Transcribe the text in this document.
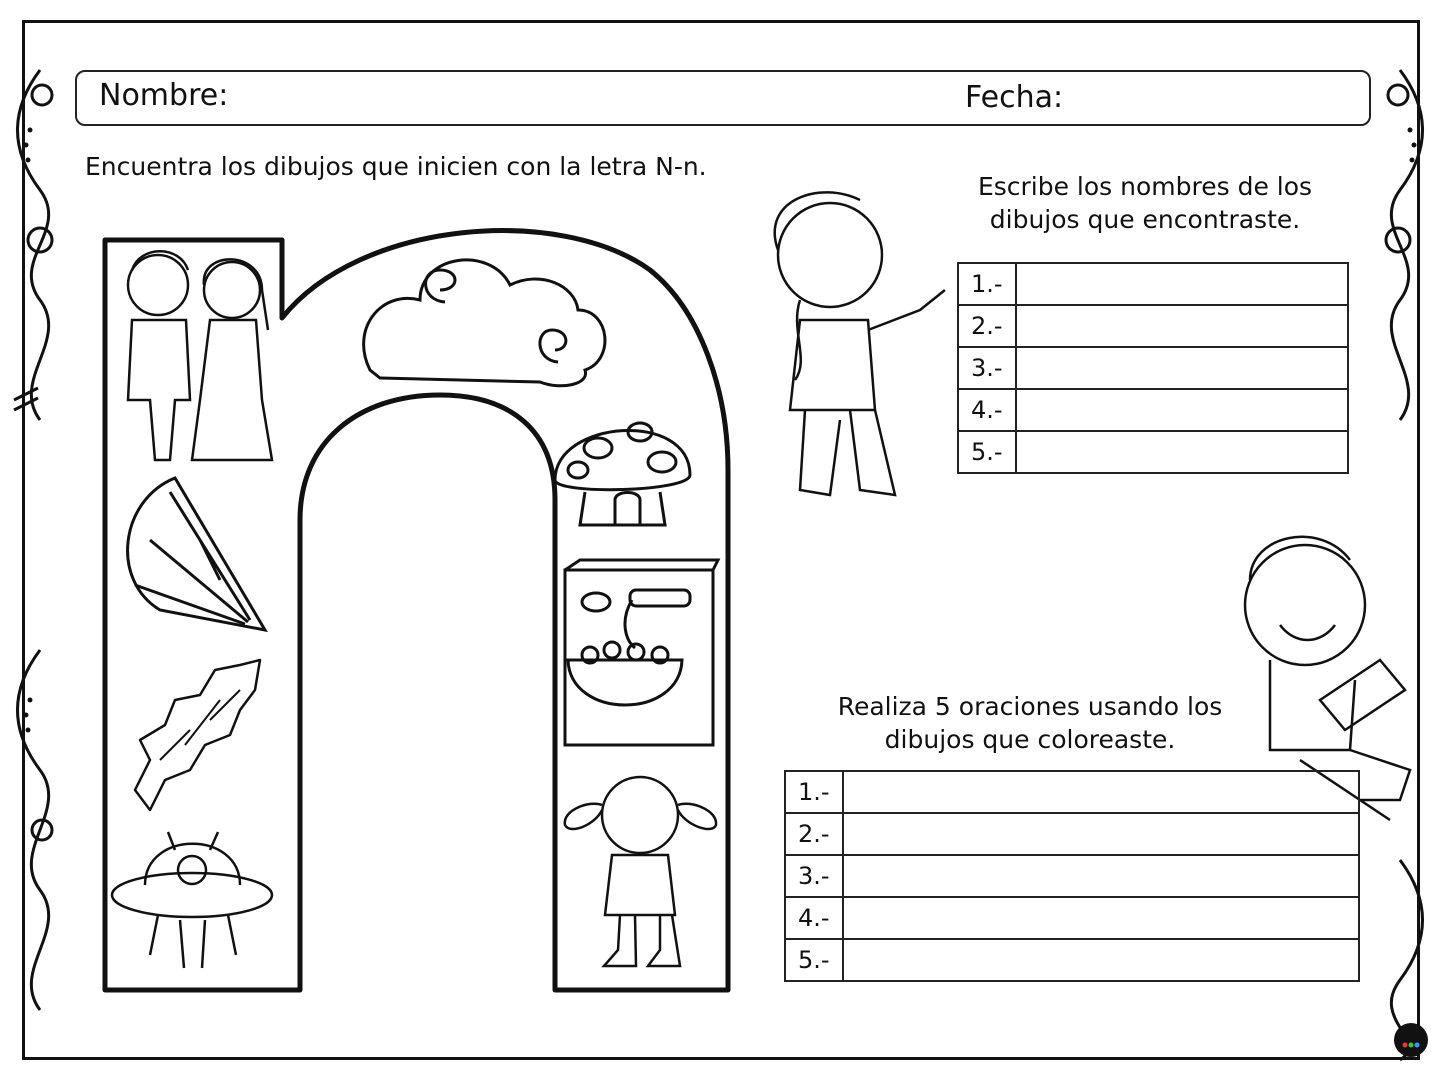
Nombre:	Fecha:
Encuentra los dibujos que inicien con la letra N-n.
Escribe los nombres de los dibujos que encontraste.
1.-	
2.-	
3.-	
4.-	
5.-	
Realiza 5 oraciones usando los dibujos que coloreaste.
1.-	
2.-	
3.-	
4.-	
5.-	
